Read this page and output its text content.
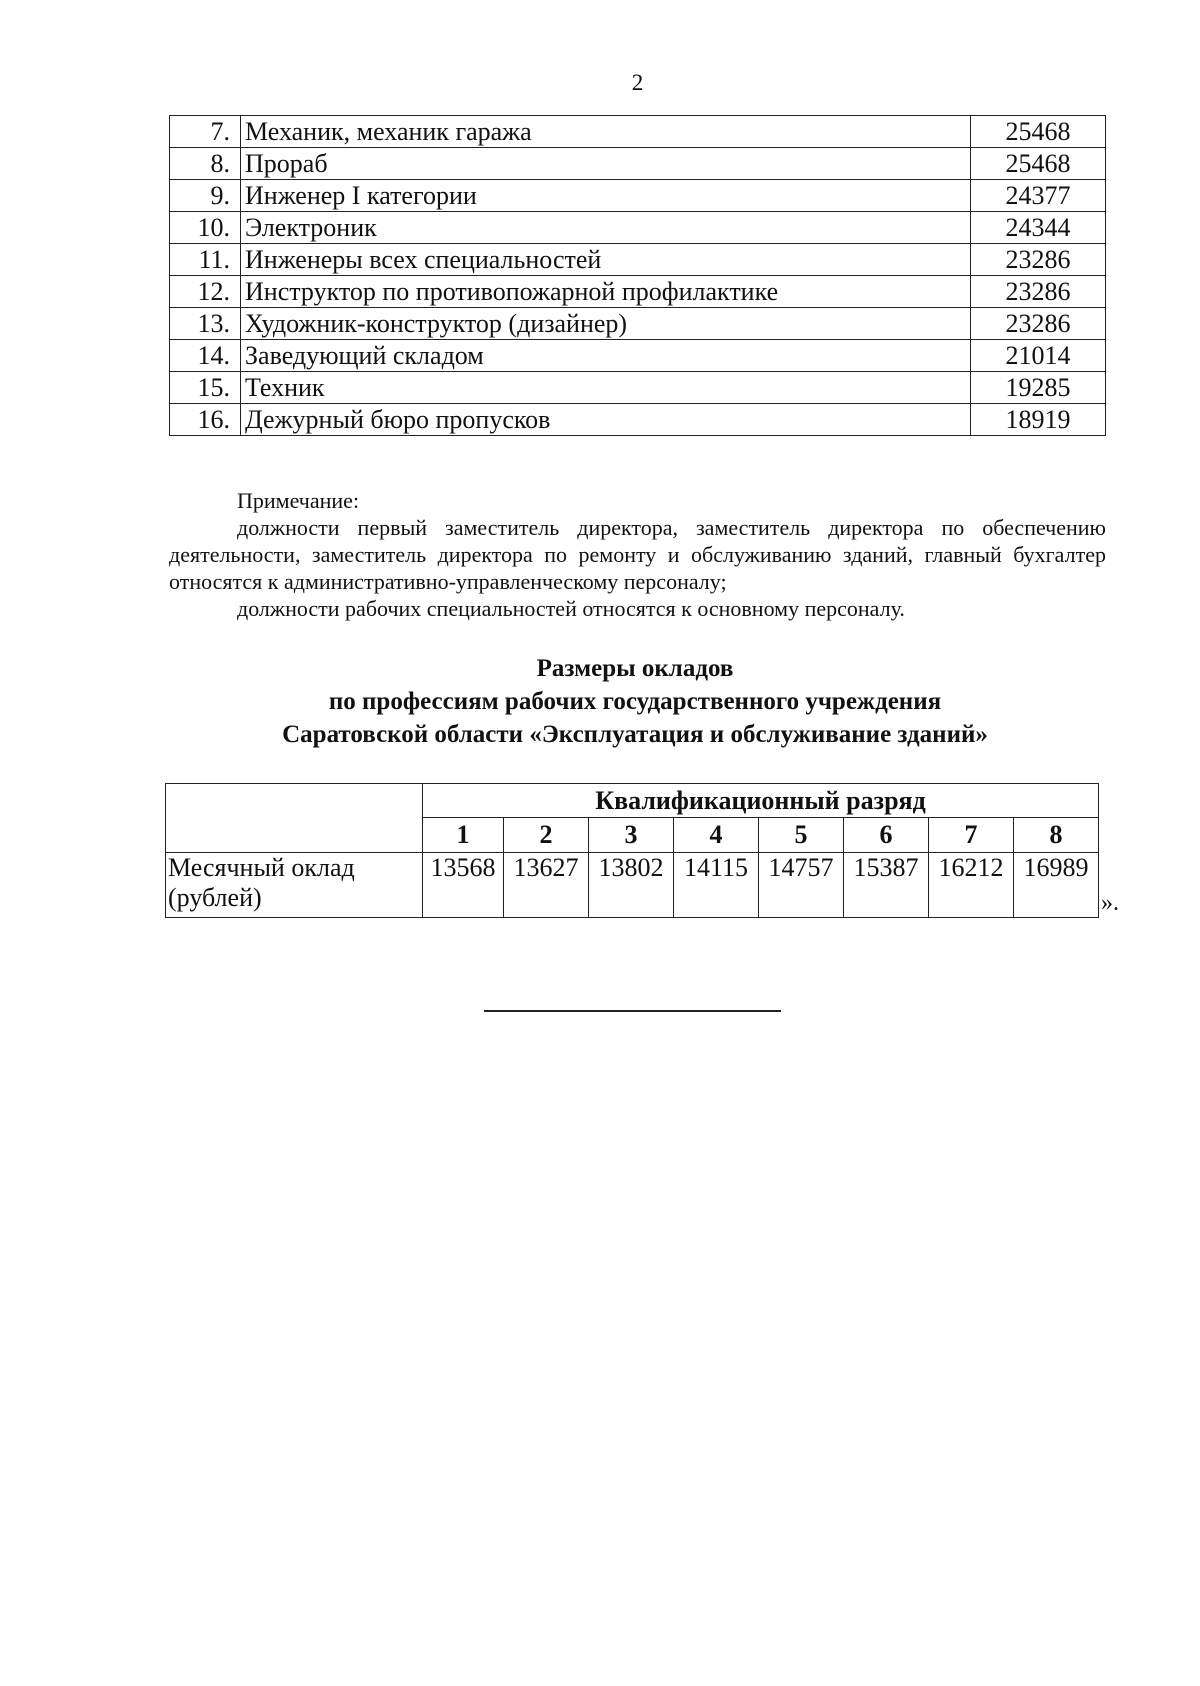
2
7.	Механик, механик гаража	25468
8.	Прораб	25468
9.	Инженер I категории	24377
10.	Электроник	24344
11.	Инженеры всех специальностей	23286
12.	Инструктор по противопожарной профилактике	23286
13.	Художник-конструктор (дизайнер)	23286
14.	Заведующий складом	21014
15.	Техник	19285
16.	Дежурный бюро пропусков	18919

Примечание:

должности первый заместитель директора, заместитель директора по обеспечению деятельности, заместитель директора по ремонту и обслуживанию зданий, главный бухгалтер относятся к административно-управленческому персоналу;

должности рабочих специальностей относятся к основному персоналу.

Размеры окладов
по профессиям рабочих государственного учреждения
Саратовской области «Эксплуатация и обслуживание зданий»
	Квалификационный разряд							
	1	2	3	4	5	6	7	8

Месячный оклад
(рублей)	13568	13627	13802	14115	14757	15387	16212	16989
».
